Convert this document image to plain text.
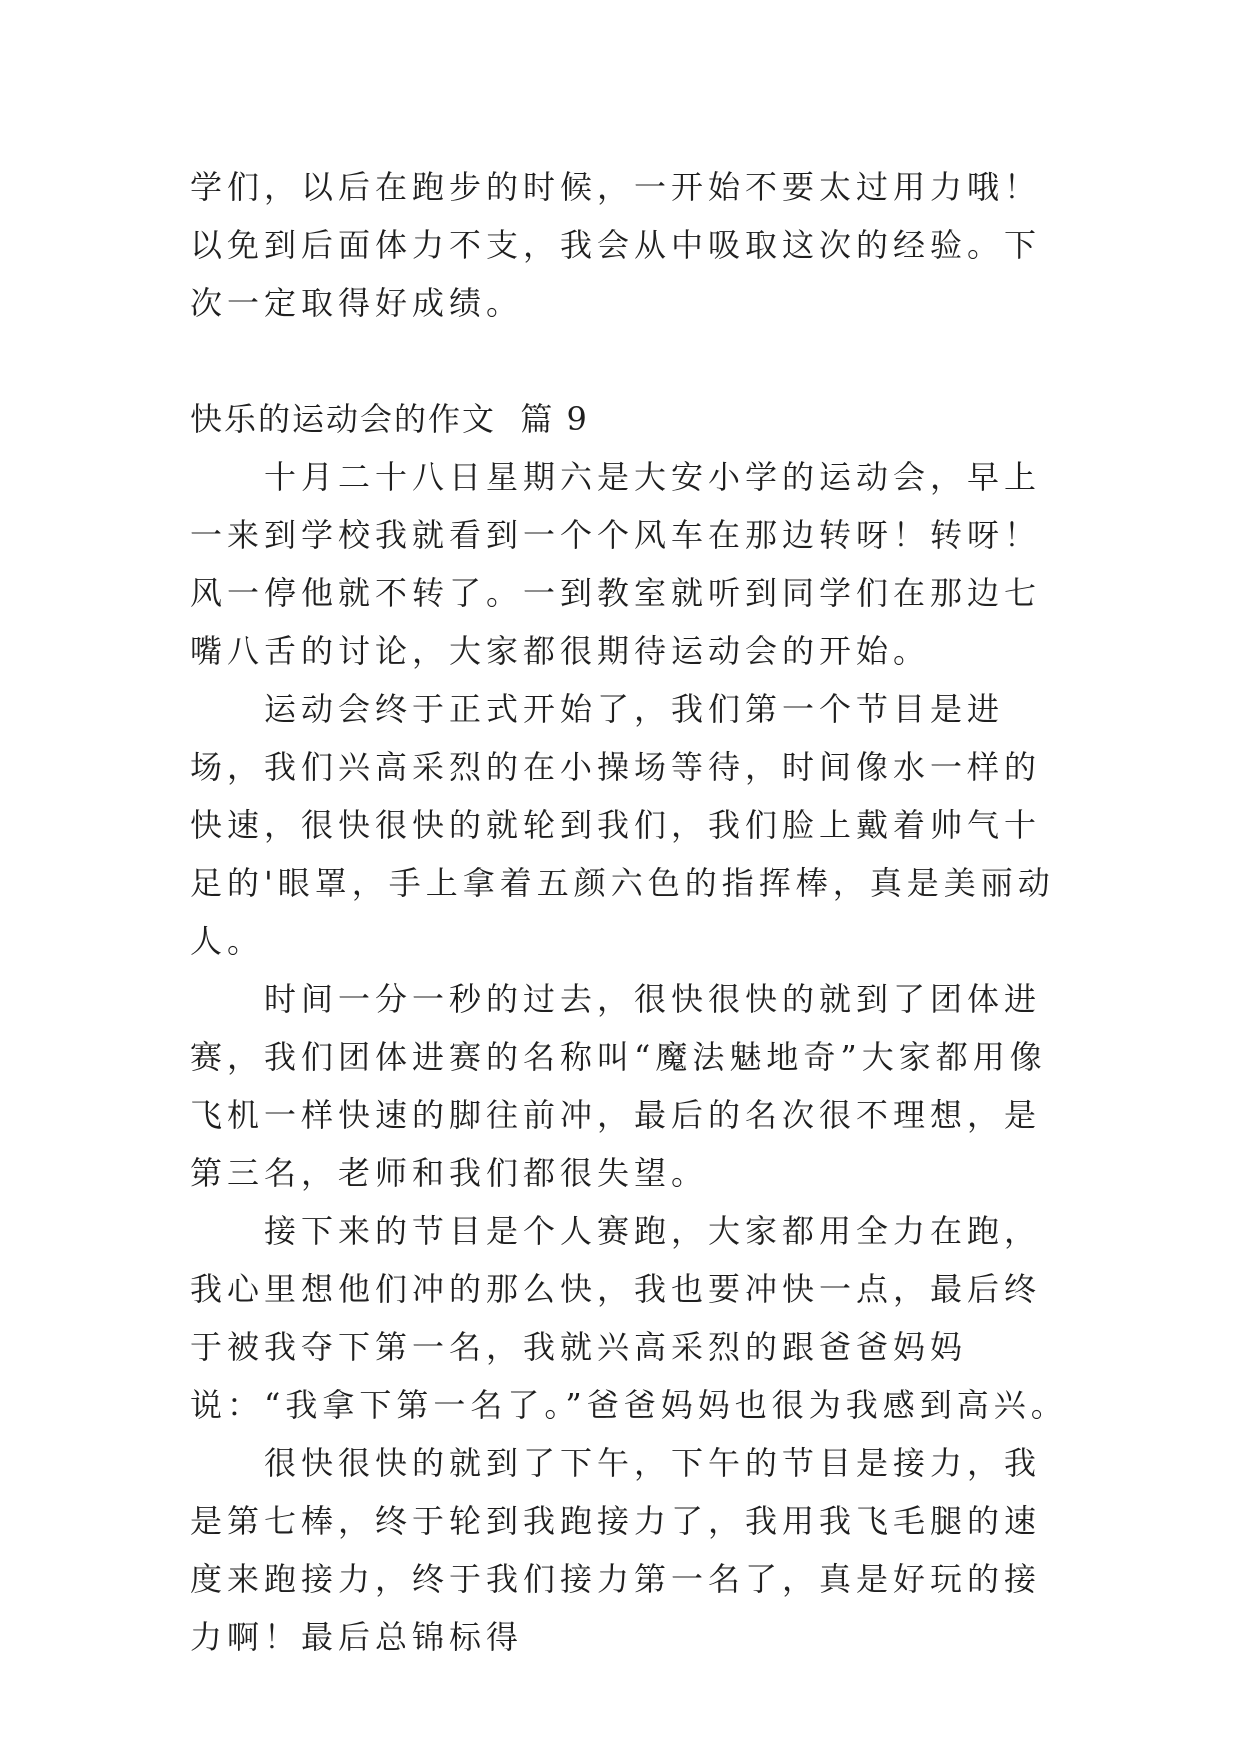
学们，以后在跑步的时候，一开始不要太过用力哦！以免到后面体力不支，我会从中吸取这次的经验。下次一定取得好成绩。

快乐的运动会的作文  篇 9

十月二十八日星期六是大安小学的运动会，早上一来到学校我就看到一个个风车在那边转呀！转呀！风一停他就不转了。一到教室就听到同学们在那边七嘴八舌的讨论，大家都很期待运动会的开始。

运动会终于正式开始了，我们第一个节目是进场，我们兴高采烈的在小操场等待，时间像水一样的快速，很快很快的就轮到我们，我们脸上戴着帅气十足的'眼罩，手上拿着五颜六色的指挥棒，真是美丽动人。

时间一分一秒的过去，很快很快的就到了团体进赛，我们团体进赛的名称叫“魔法魅地奇”大家都用像飞机一样快速的脚往前冲，最后的名次很不理想，是第三名，老师和我们都很失望。

接下来的节目是个人赛跑，大家都用全力在跑，我心里想他们冲的那么快，我也要冲快一点，最后终于被我夺下第一名，我就兴高采烈的跟爸爸妈妈说：“我拿下第一名了。”爸爸妈妈也很为我感到高兴。

很快很快的就到了下午，下午的节目是接力，我是第七棒，终于轮到我跑接力了，我用我飞毛腿的速度来跑接力，终于我们接力第一名了，真是好玩的接力啊！最后总锦标得
